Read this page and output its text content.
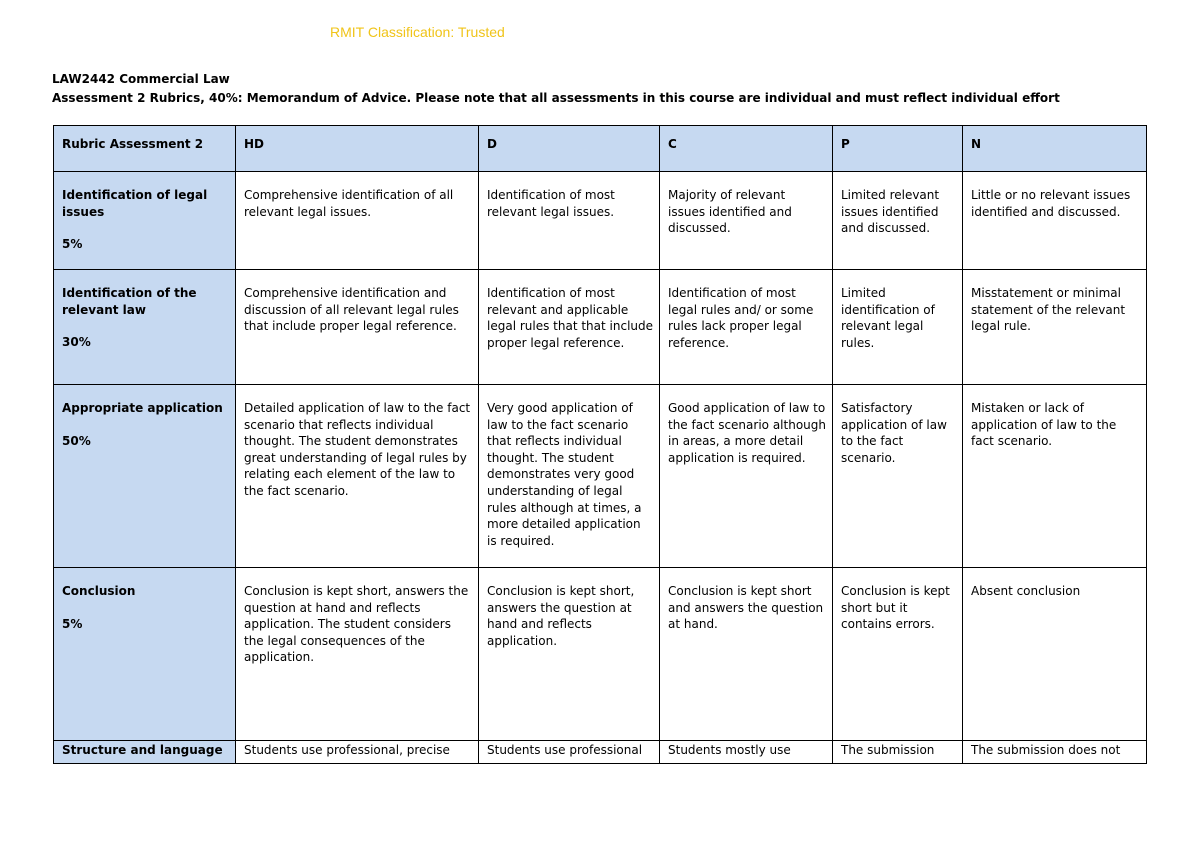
RMIT Classification: Trusted
LAW2442 Commercial Law
Assessment 2 Rubrics, 40%: Memorandum of Advice. Please note that all assessments in this course are individual and must reflect individual effort
Rubric Assessment 2	HD	D	C	P	N
Identification of legal issues
5%	Comprehensive identification of all relevant legal issues.	Identification of most relevant legal issues.	Majority of relevant issues identified and discussed.	Limited relevant issues identified and discussed.	Little or no relevant issues identified and discussed.
Identification of the relevant law
30%	Comprehensive identification and discussion of all relevant legal rules that include proper legal reference.	Identification of most relevant and applicable legal rules that that include proper legal reference.	Identification of most legal rules and/ or some rules lack proper legal reference.	Limited identification of relevant legal rules.	Misstatement or minimal statement of the relevant legal rule.
Appropriate application
50%	Detailed application of law to the fact scenario that reflects individual thought. The student demonstrates great understanding of legal rules by relating each element of the law to the fact scenario.	Very good application of law to the fact scenario that reflects individual thought. The student demonstrates very good understanding of legal rules although at times, a more detailed application is required.	Good application of law to the fact scenario although in areas, a more detail application is required.	Satisfactory application of law to the fact scenario.	Mistaken or lack of application of law to the fact scenario.
Conclusion
5%	Conclusion is kept short, answers the question at hand and reflects application. The student considers the legal consequences of the application.	Conclusion is kept short, answers the question at hand and reflects application.	Conclusion is kept short and answers the question at hand.	Conclusion is kept short but it contains errors.	Absent conclusion
Structure and language	Students use professional, precise	Students use professional	Students mostly use	The submission	The submission does not
